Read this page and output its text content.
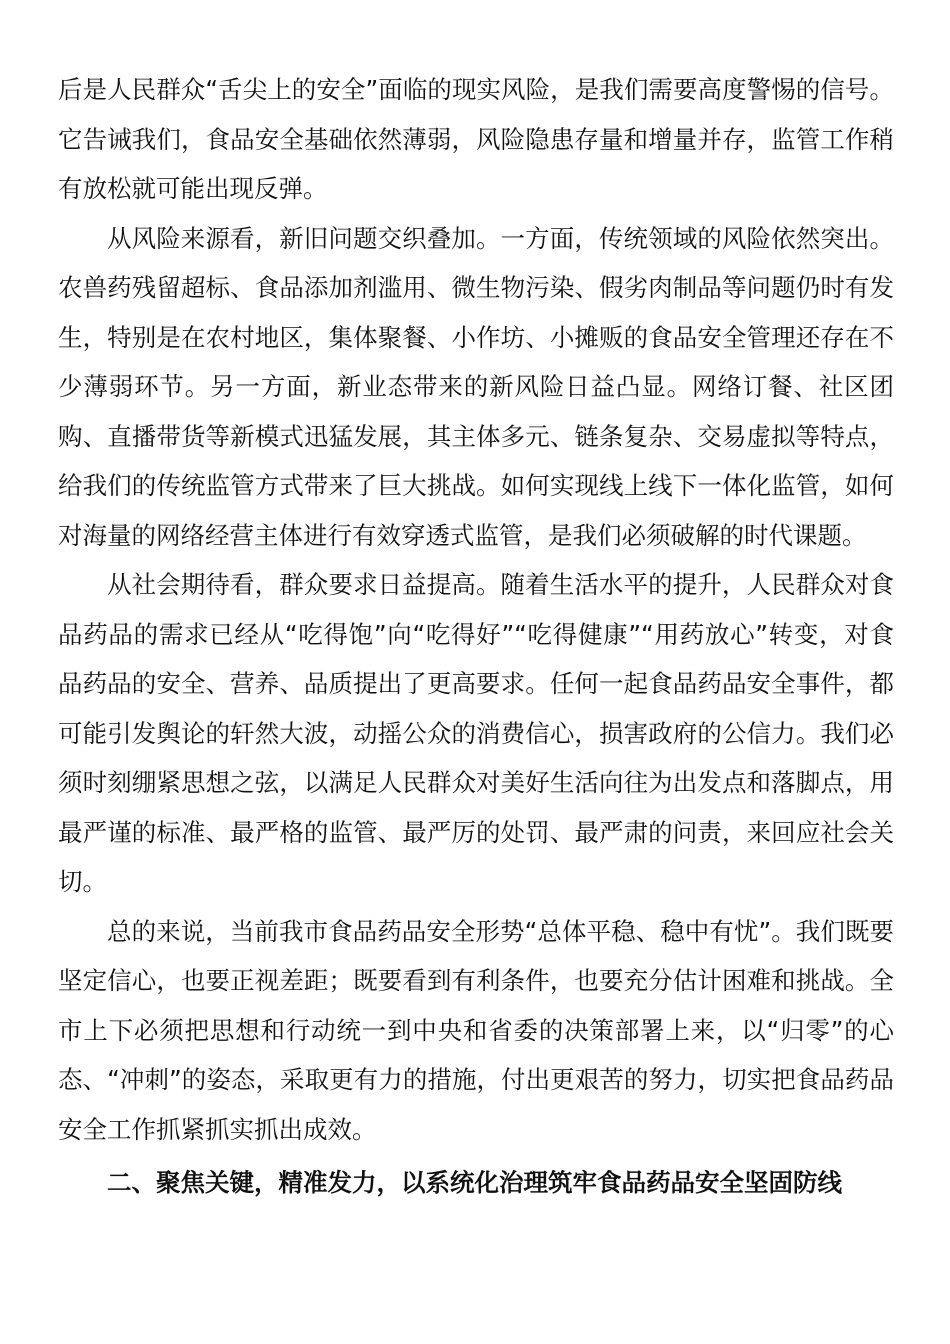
后是人民群众“舌尖上的安全”面临的现实风险，是我们需要高度警惕的信号。它告诫我们，食品安全基础依然薄弱，风险隐患存量和增量并存，监管工作稍有放松就可能出现反弹。

从风险来源看，新旧问题交织叠加。一方面，传统领域的风险依然突出。农兽药残留超标、食品添加剂滥用、微生物污染、假劣肉制品等问题仍时有发生，特别是在农村地区，集体聚餐、小作坊、小摊贩的食品安全管理还存在不少薄弱环节。另一方面，新业态带来的新风险日益凸显。网络订餐、社区团购、直播带货等新模式迅猛发展，其主体多元、链条复杂、交易虚拟等特点，给我们的传统监管方式带来了巨大挑战。如何实现线上线下一体化监管，如何对海量的网络经营主体进行有效穿透式监管，是我们必须破解的时代课题。

从社会期待看，群众要求日益提高。随着生活水平的提升，人民群众对食品药品的需求已经从“吃得饱”向“吃得好”“吃得健康”“用药放心”转变，对食品药品的安全、营养、品质提出了更高要求。任何一起食品药品安全事件，都可能引发舆论的轩然大波，动摇公众的消费信心，损害政府的公信力。我们必须时刻绷紧思想之弦，以满足人民群众对美好生活向往为出发点和落脚点，用最严谨的标准、最严格的监管、最严厉的处罚、最严肃的问责，来回应社会关切。

总的来说，当前我市食品药品安全形势“总体平稳、稳中有忧”。我们既要坚定信心，也要正视差距；既要看到有利条件，也要充分估计困难和挑战。全市上下必须把思想和行动统一到中央和省委的决策部署上来，以“归零”的心态、“冲刺”的姿态，采取更有力的措施，付出更艰苦的努力，切实把食品药品安全工作抓紧抓实抓出成效。

二、聚焦关键，精准发力，以系统化治理筑牢食品药品安全坚固防线
